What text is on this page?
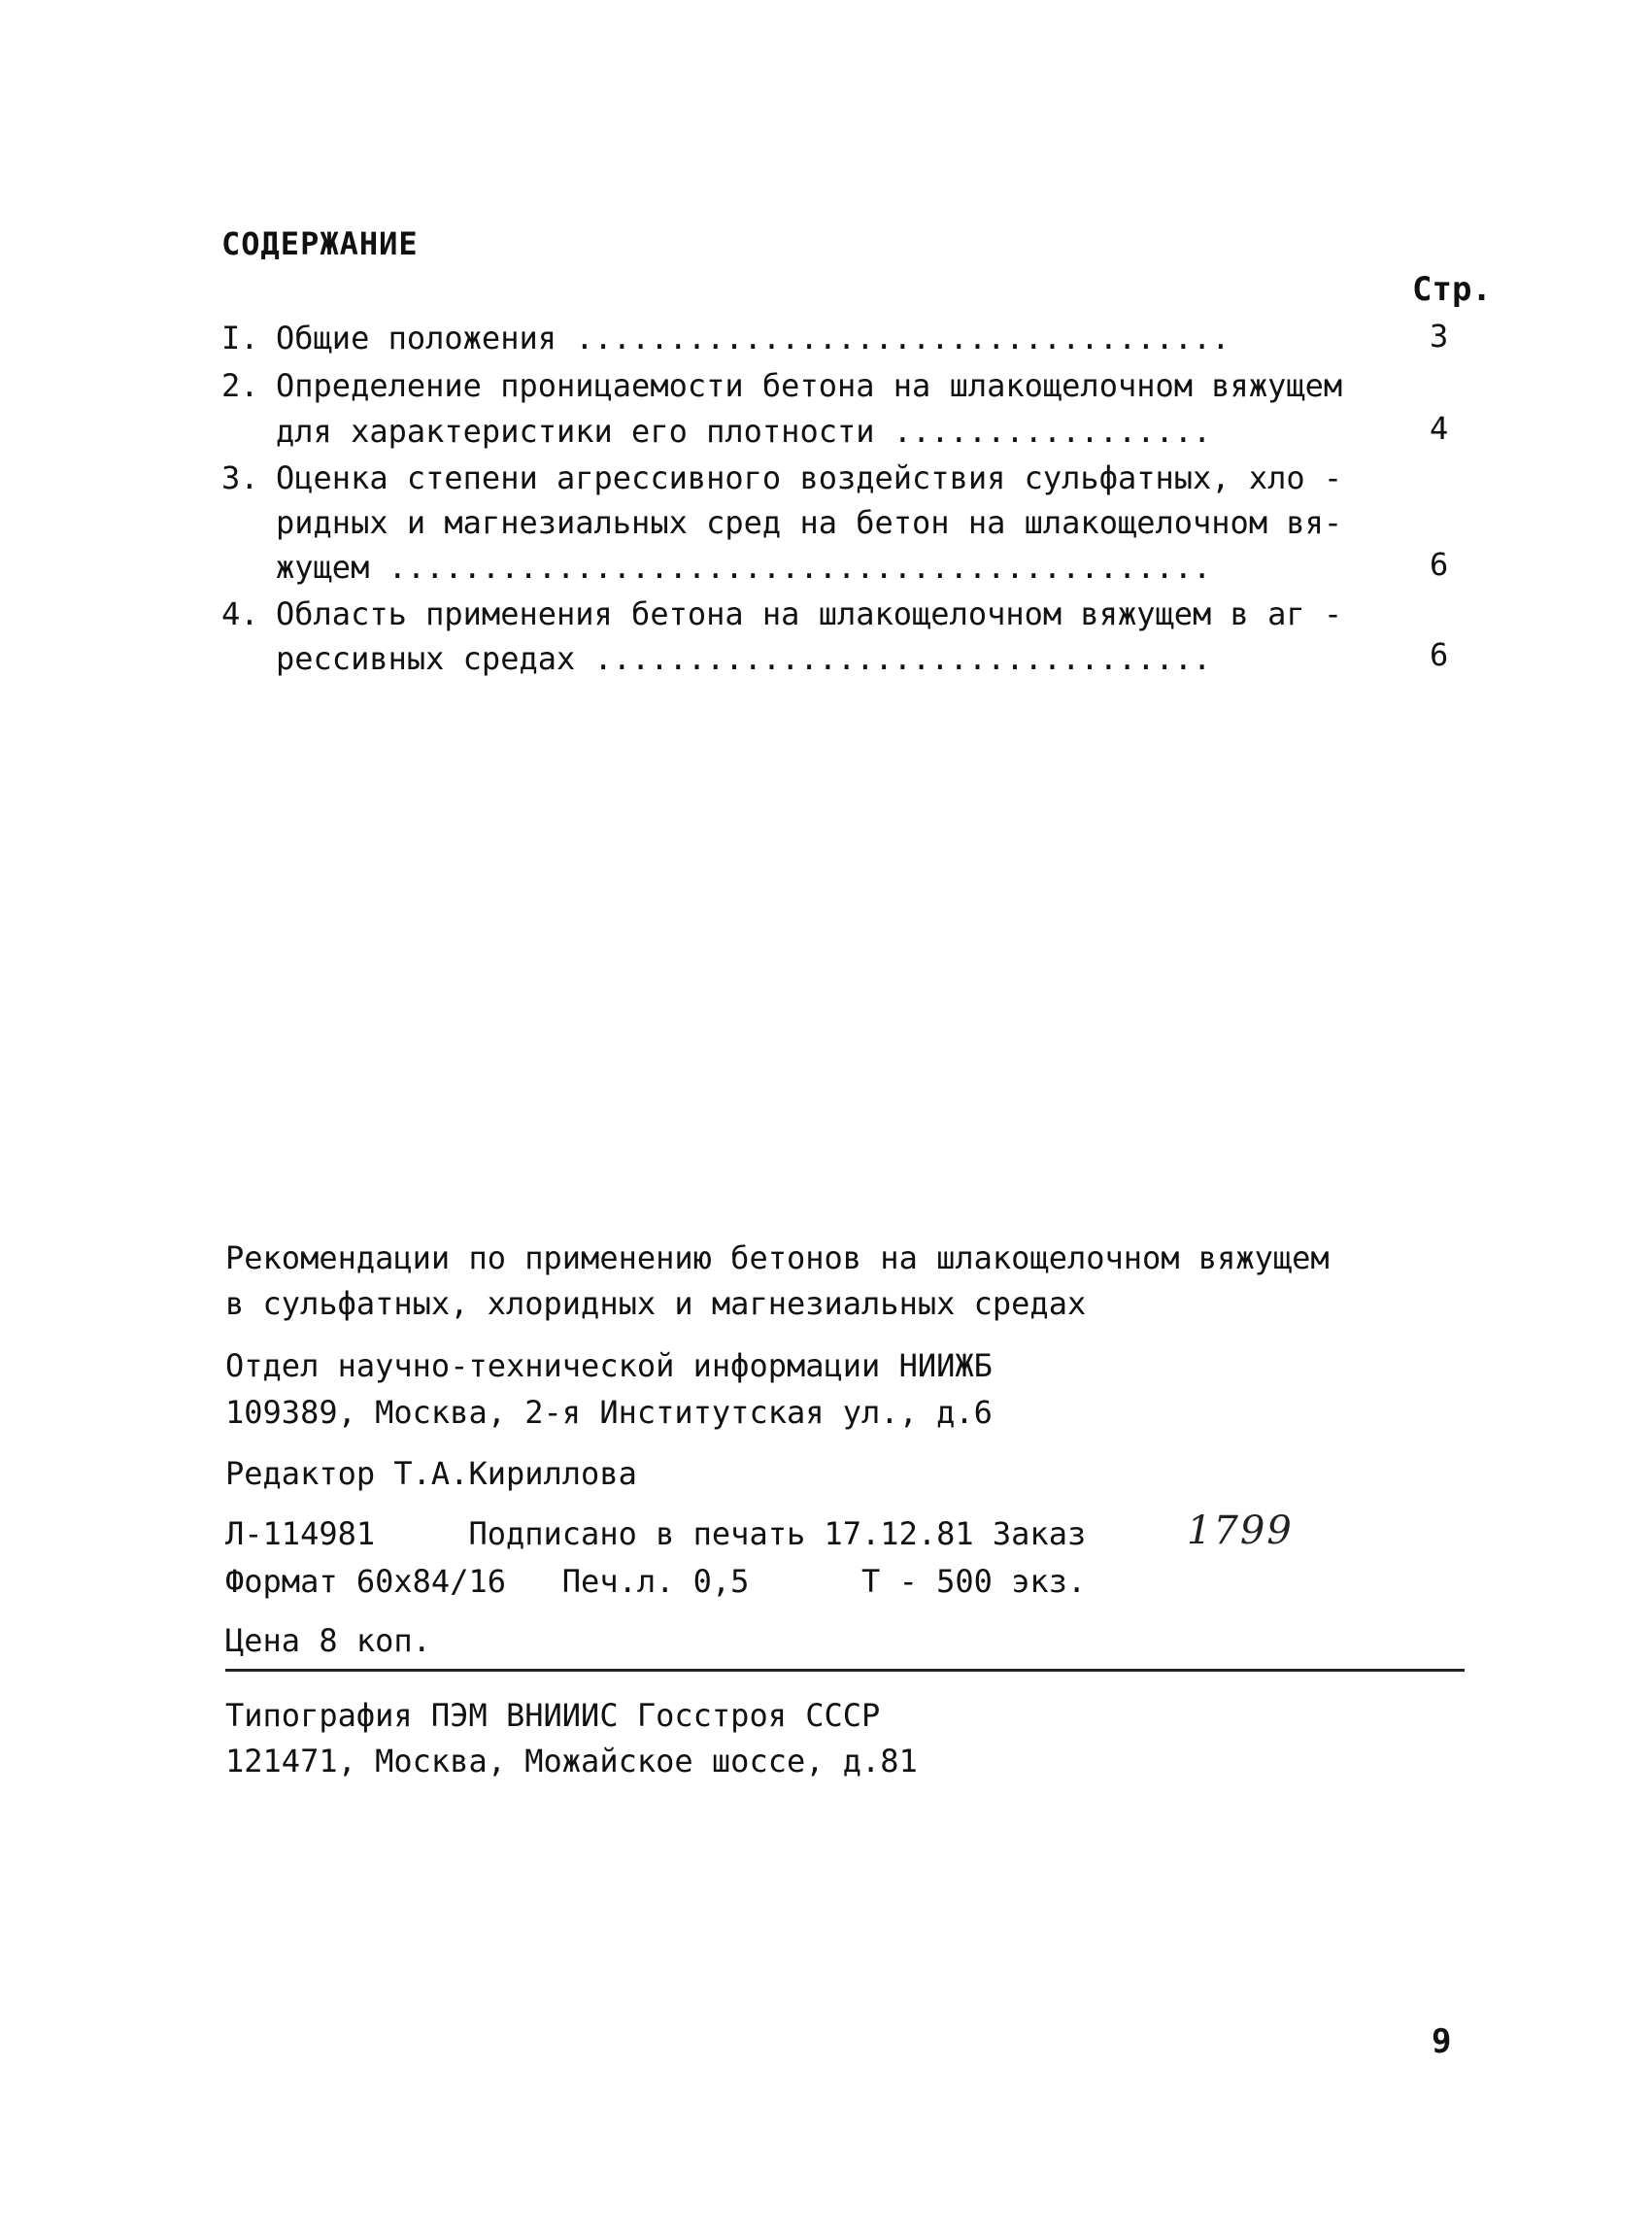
СОДЕРЖАНИЕ
Стр.
I. Общие положения ...................................	3
2. Определение проницаемости бетона на шлакощелочном вяжущем
для характеристики его плотности .................	4
3. Оценка степени агрессивного воздействия сульфатных, хло -
ридных и магнезиальных сред на бетон на шлакощелочном вя-
жущем ............................................	6
4. Область применения бетона на шлакощелочном вяжущем в аг -
рессивных средах .................................	6
Рекомендации по применению бетонов на шлакощелочном вяжущем
в сульфатных, хлоридных и магнезиальных средах
Отдел научно-технической информации НИИЖБ
109389, Москва, 2-я Институтская ул., д.6
Редактор Т.А.Кириллова
Л-114981     Подписано в печать 17.12.81 Заказ	1799
Формат 60х84/16   Печ.л. 0,5      Т - 500 экз.
Цена 8 коп.
Типография ПЭМ ВНИИИС Госстроя СССР
121471, Москва, Можайское шоссе, д.81
9
